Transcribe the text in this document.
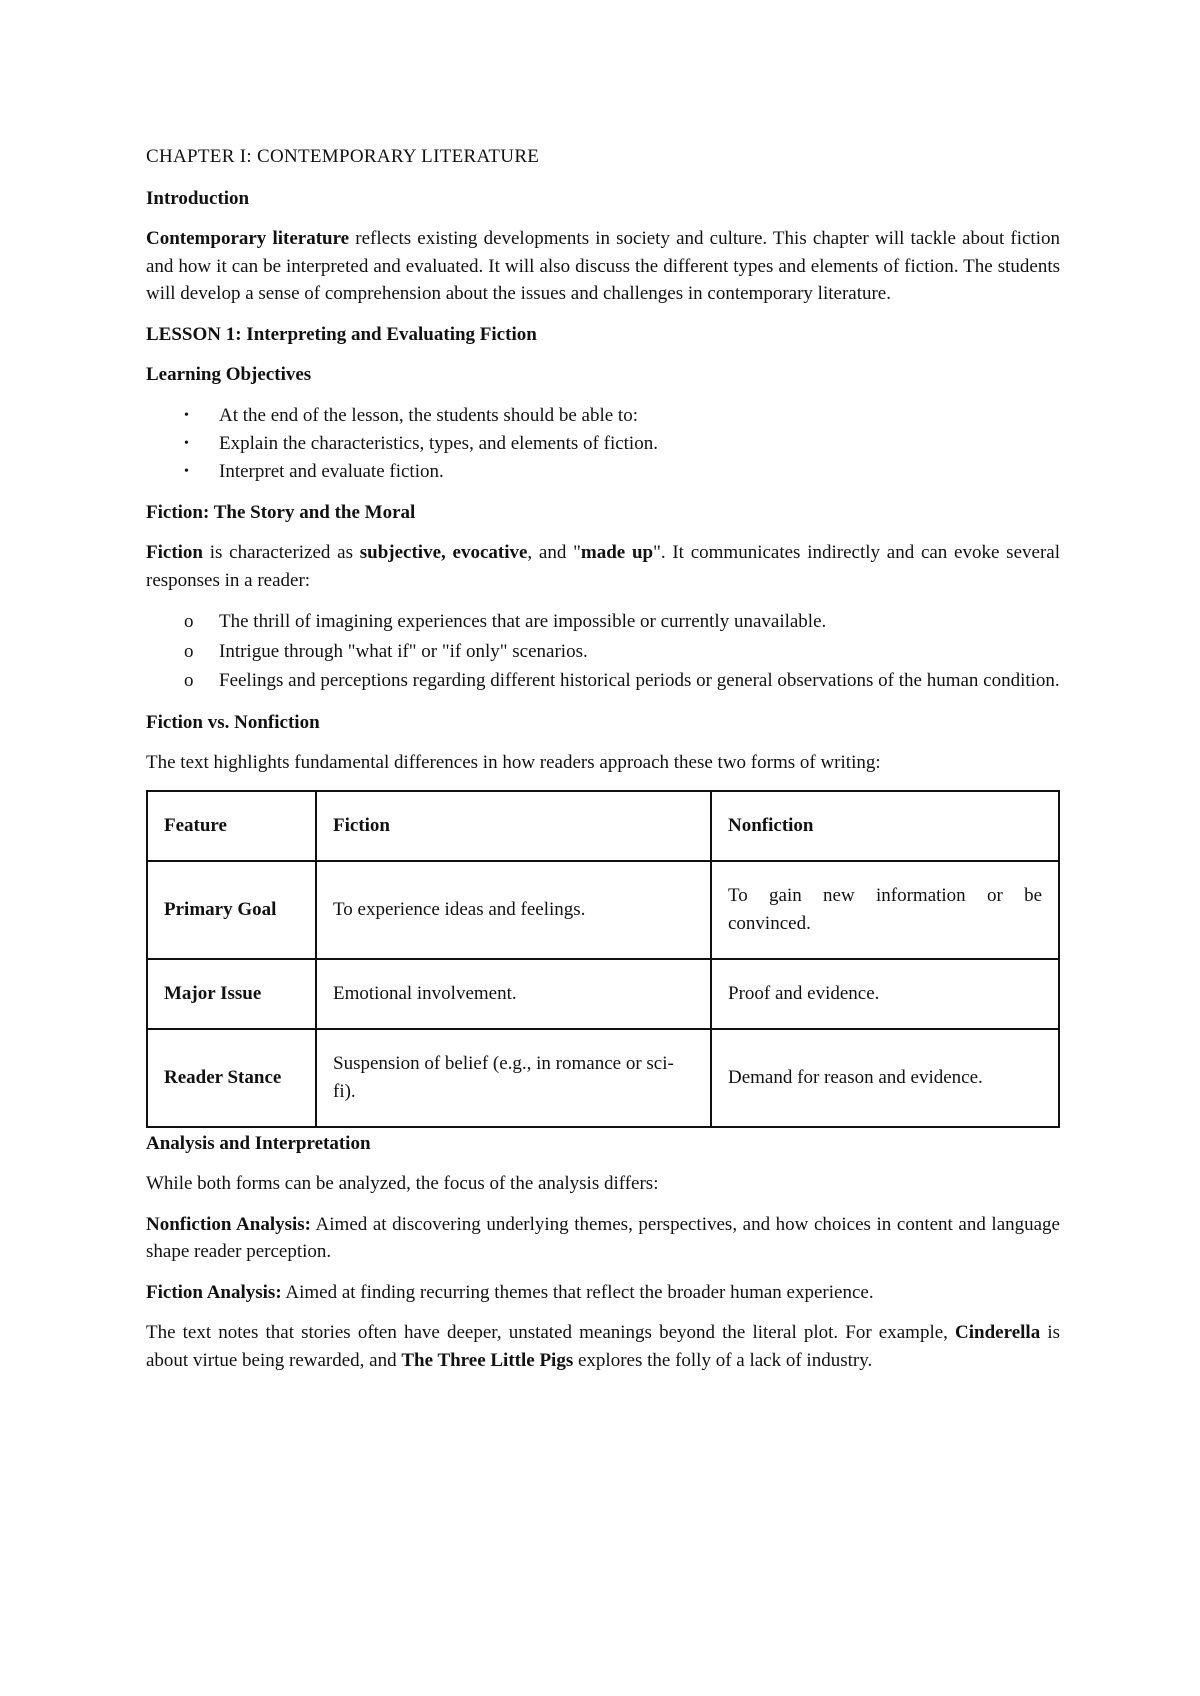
CHAPTER I: CONTEMPORARY LITERATURE

Introduction

Contemporary literature reflects existing developments in society and culture. This chapter will tackle about fiction and how it can be interpreted and evaluated. It will also discuss the different types and elements of fiction. The students will develop a sense of comprehension about the issues and challenges in contemporary literature.

LESSON 1: Interpreting and Evaluating Fiction

Learning Objectives

• At the end of the lesson, the students should be able to:
• Explain the characteristics, types, and elements of fiction.
• Interpret and evaluate fiction.

Fiction: The Story and the Moral

Fiction is characterized as subjective, evocative, and "made up". It communicates indirectly and can evoke several responses in a reader:

o The thrill of imagining experiences that are impossible or currently unavailable.
o Intrigue through "what if" or "if only" scenarios.
o Feelings and perceptions regarding different historical periods or general observations of the human condition.

Fiction vs. Nonfiction

The text highlights fundamental differences in how readers approach these two forms of writing:

Feature	Fiction	Nonfiction
Primary Goal	To experience ideas and feelings.	To gain new information or be convinced.
Major Issue	Emotional involvement.	Proof and evidence.
Reader Stance	Suspension of belief (e.g., in romance or sci-fi).	Demand for reason and evidence.

Analysis and Interpretation

While both forms can be analyzed, the focus of the analysis differs:

Nonfiction Analysis: Aimed at discovering underlying themes, perspectives, and how choices in content and language shape reader perception.

Fiction Analysis: Aimed at finding recurring themes that reflect the broader human experience.

The text notes that stories often have deeper, unstated meanings beyond the literal plot. For example, Cinderella is about virtue being rewarded, and The Three Little Pigs explores the folly of a lack of industry.
